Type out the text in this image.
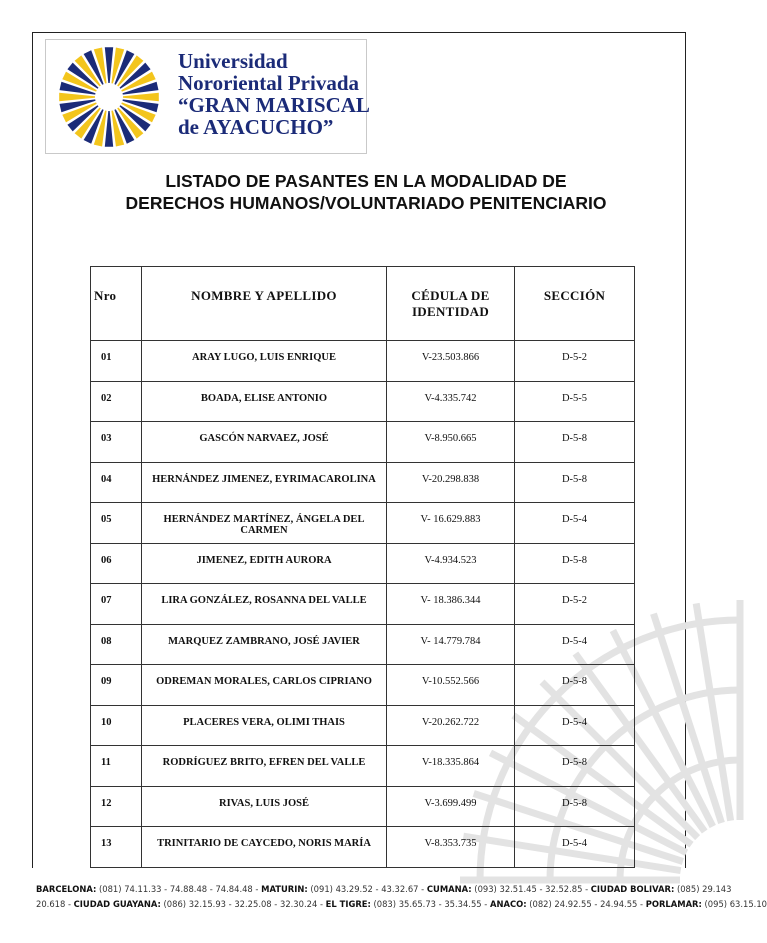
Universidad
Nororiental Privada
“GRAN MARISCAL
de AYACUCHO”
LISTADO DE PASANTES EN LA MODALIDAD DE
DERECHOS HUMANOS/VOLUNTARIADO PENITENCIARIO
Nro	NOMBRE Y APELLIDO	CÉDULA DE IDENTIDAD	SECCIÓN
01	ARAY LUGO, LUIS ENRIQUE	V-23.503.866	D-5-2
02	BOADA, ELISE ANTONIO	V-4.335.742	D-5-5
03	GASCÓN NARVAEZ, JOSÉ	V-8.950.665	D-5-8
04	HERNÁNDEZ JIMENEZ, EYRIMACAROLINA	V-20.298.838	D-5-8
05	HERNÁNDEZ MARTÍNEZ, ÁNGELA DEL CARMEN	V- 16.629.883	D-5-4
06	JIMENEZ, EDITH AURORA	V-4.934.523	D-5-8
07	LIRA GONZÁLEZ, ROSANNA DEL VALLE	V- 18.386.344	D-5-2
08	MARQUEZ ZAMBRANO, JOSÉ JAVIER	V- 14.779.784	D-5-4
09	ODREMAN MORALES, CARLOS CIPRIANO	V-10.552.566	D-5-8
10	PLACERES VERA, OLIMI THAIS	V-20.262.722	D-5-4
11	RODRÍGUEZ BRITO, EFREN DEL VALLE	V-18.335.864	D-5-8
12	RIVAS, LUIS JOSÉ	V-3.699.499	D-5-8
13	TRINITARIO DE CAYCEDO, NORIS MARÍA	V-8.353.735	D-5-4
BARCELONA: (081) 74.11.33 - 74.88.48 - 74.84.48 - MATURIN: (091) 43.29.52 - 43.32.67 - CUMANA: (093) 32.51.45 - 32.52.85 - CIUDAD BOLIVAR: (085) 29.143
20.618 - CIUDAD GUAYANA: (086) 32.15.93 - 32.25.08 - 32.30.24 - EL TIGRE: (083) 35.65.73 - 35.34.55 - ANACO: (082) 24.92.55 - 24.94.55 - PORLAMAR: (095) 63.15.10
